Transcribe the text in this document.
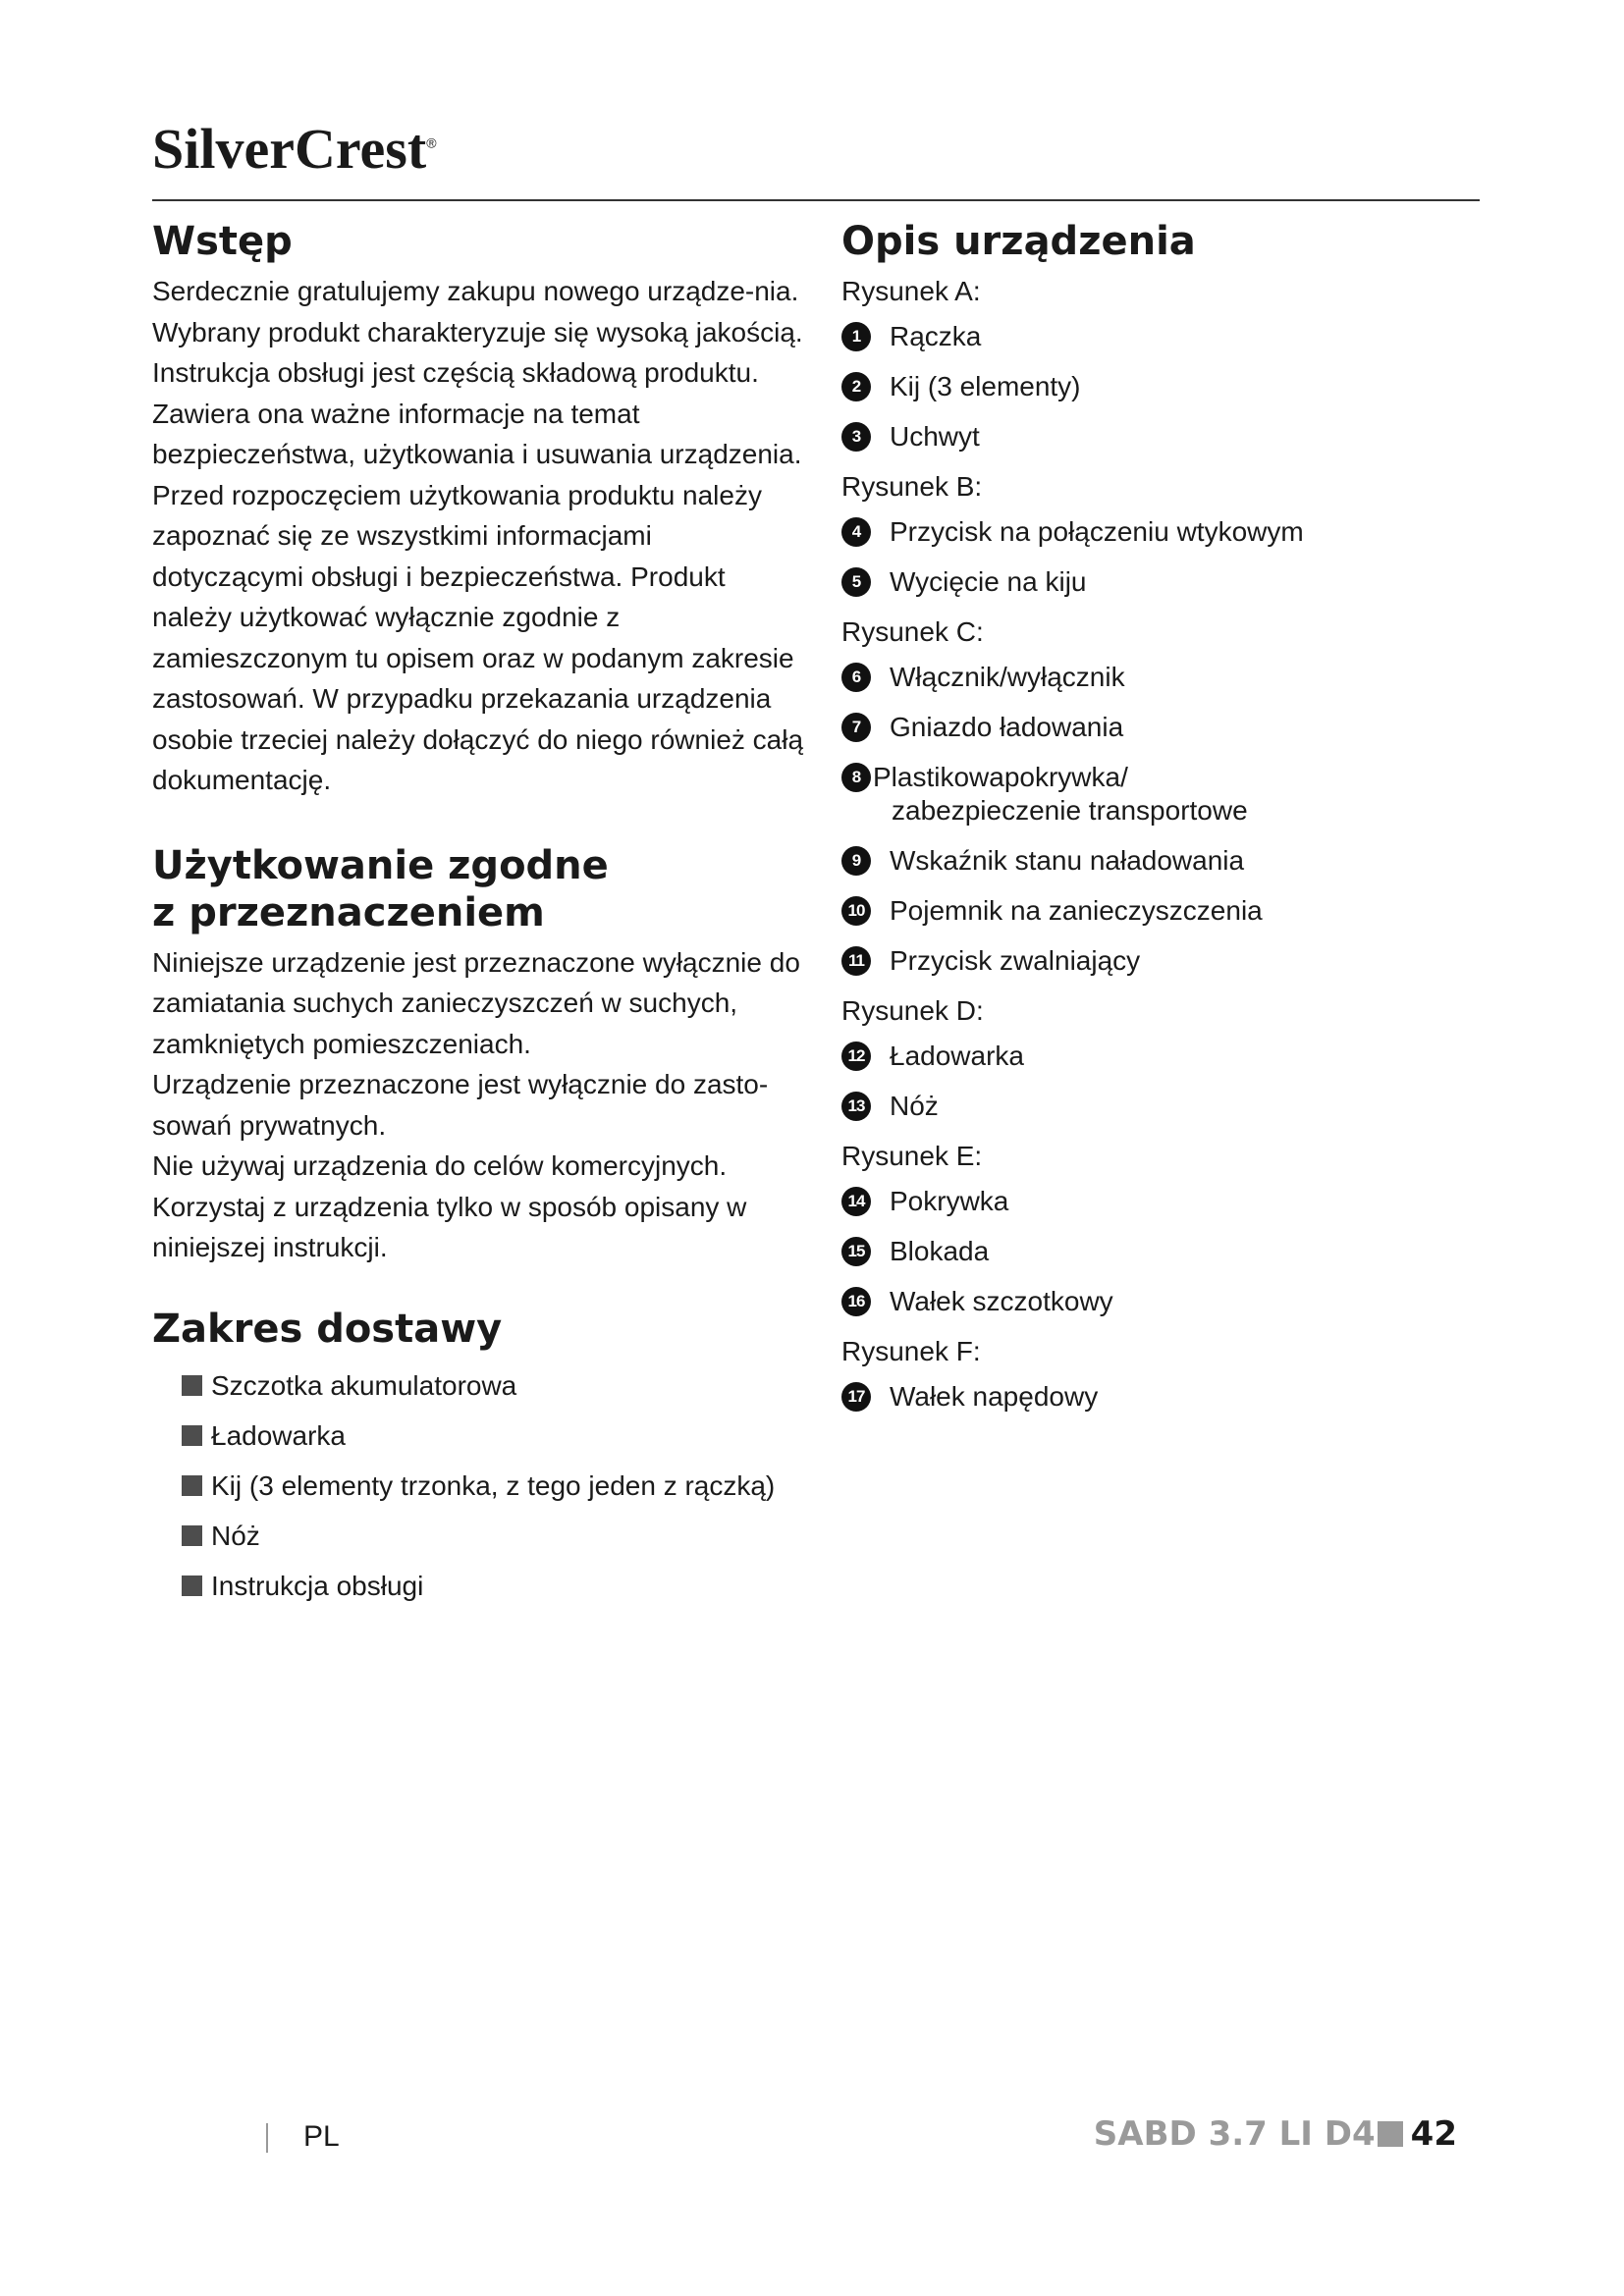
SilverCrest®
Wstęp

Serdecznie gratulujemy zakupu nowego urządze-nia. Wybrany produkt charakteryzuje się wysoką jakością. Instrukcja obsługi jest częścią składową produktu. Zawiera ona ważne informacje na temat bezpieczeństwa, użytkowania i usuwania urządzenia. Przed rozpoczęciem użytkowania produktu należy zapoznać się ze wszystkimi informacjami dotyczącymi obsługi i bezpieczeństwa. Produkt należy użytkować wyłącznie zgodnie z zamieszczonym tu opisem oraz w podanym zakresie zastosowań. W przypadku przekazania urządzenia osobie trzeciej należy dołączyć do niego również całą dokumentację.

Użytkowanie zgodne
z przeznaczeniem

Niniejsze urządzenie jest przeznaczone wyłącznie do zamiatania suchych zanieczyszczeń w suchych, zamkniętych pomieszczeniach.
Urządzenie przeznaczone jest wyłącznie do zasto-sowań prywatnych.
Nie używaj urządzenia do celów komercyjnych.
Korzystaj z urządzenia tylko w sposób opisany w niniejszej instrukcji.

Zakres dostawy
Szczotka akumulatorowa
Ładowarka
Kij (3 elementy trzonka, z tego jeden z rączką)
Nóż
Instrukcja obsługi
Opis urządzenia
Rysunek A:
1	Rączka
2	Kij (3 elementy)
3	Uchwyt
Rysunek B:
4	Przycisk na połączeniu wtykowym
5	Wycięcie na kiju
Rysunek C:
6	Włącznik/wyłącznik
7	Gniazdo ładowania
8 Plastikowapokrywka/
zabezpieczenie transportowe
9	Wskaźnik stanu naładowania
10 Pojemnik na zanieczyszczenia
11 Przycisk zwalniający
Rysunek D:
12 Ładowarka
13 Nóż
Rysunek E:
14 Pokrywka
15 Blokada
16 Wałek szczotkowy
Rysunek F:
17 Wałek napędowy
PL	SABD 3.7 LI D4 42
